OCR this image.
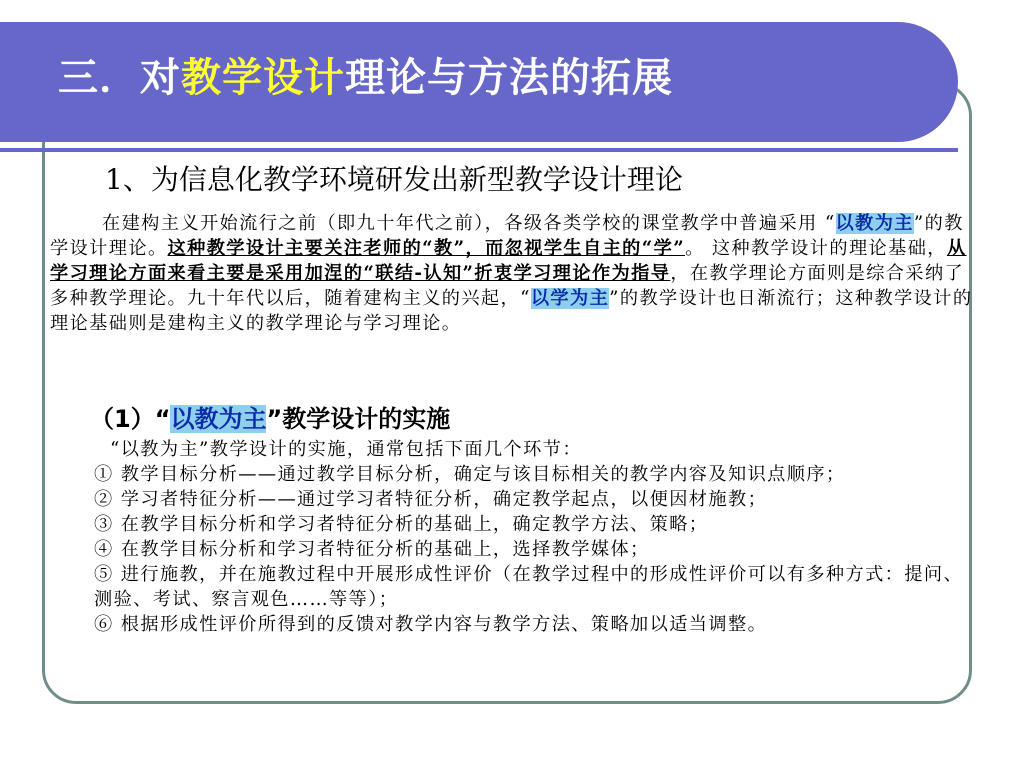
三．对教学设计理论与方法的拓展
1、为信息化教学环境研发出新型教学设计理论
在建构主义开始流行之前（即九十年代之前），各级各类学校的课堂教学中普遍采用 “以教为主”的教学设计理论。这种教学设计主要关注老师的“教”，而忽视学生自主的“学”。 这种教学设计的理论基础，从学习理论方面来看主要是采用加涅的“联结-认知”折衷学习理论作为指导，在教学理论方面则是综合采纳了多种教学理论。九十年代以后，随着建构主义的兴起，“以学为主”的教学设计也日渐流行；这种教学设计的理论基础则是建构主义的教学理论与学习理论。
（1）“以教为主”教学设计的实施
“以教为主”教学设计的实施，通常包括下面几个环节：
① 教学目标分析——通过教学目标分析，确定与该目标相关的教学内容及知识点顺序；
② 学习者特征分析——通过学习者特征分析，确定教学起点，以便因材施教；
③ 在教学目标分析和学习者特征分析的基础上，确定教学方法、策略；
④ 在教学目标分析和学习者特征分析的基础上，选择教学媒体；
⑤ 进行施教，并在施教过程中开展形成性评价（在教学过程中的形成性评价可以有多种方式：提问、测验、考试、察言观色……等等）；
⑥ 根据形成性评价所得到的反馈对教学内容与教学方法、策略加以适当调整。
